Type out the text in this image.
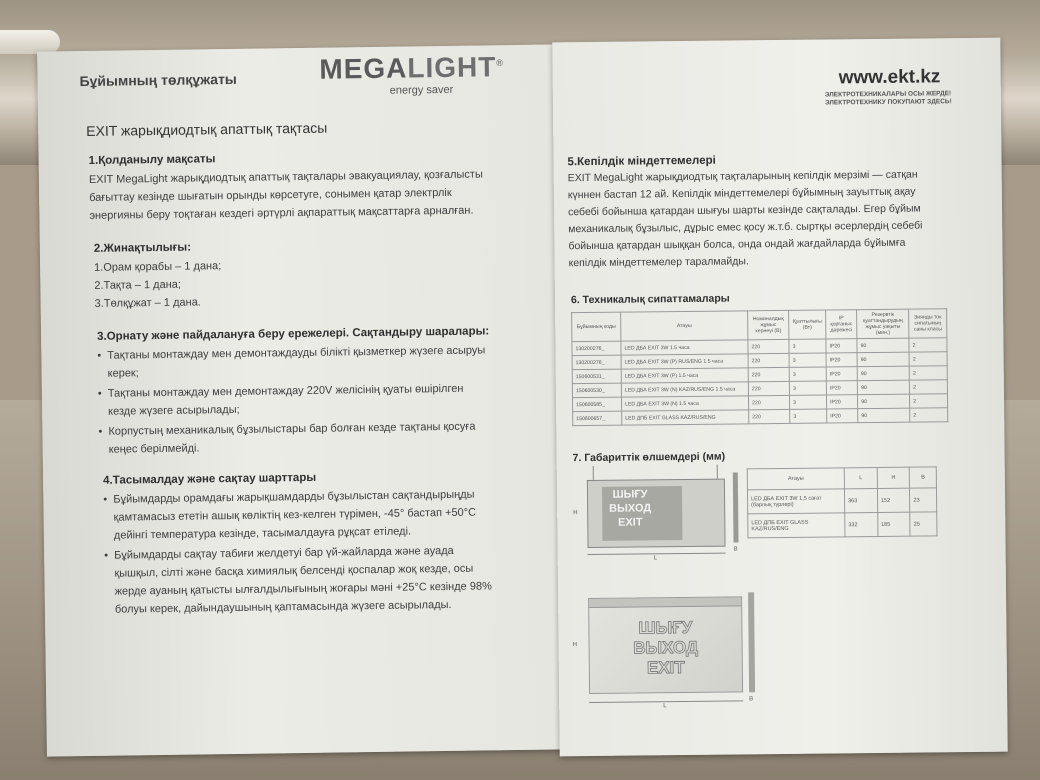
Бұйымның төлқұжаты	MEGALIGHT®
energy saver
EXIT жарықдиодтық апаттық тақтасы
1.Қолданылу мақсаты
EXIT MegaLight жарықдиодтық апаттық тақталары эвакуациялау, қозғалысты
бағыттау кезінде шығатын орынды көрсетуге, сонымен қатар электрлік
энергияны беру тоқтаған кездегі әртүрлі ақпараттық мақсаттарға арналған.
2.Жинақтылығы:
1.Орам қорабы – 1 дана;
2.Тақта – 1 дана;
3.Төлқұжат – 1 дана.
3.Орнату және пайдалануға беру ережелері. Сақтандыру шаралары:
• Тақтаны монтаждау мен демонтаждауды білікті қызметкер жүзеге асыруы
керек;
• Тақтаны монтаждау мен демонтаждау 220V желісінің қуаты өшірілген
кезде жүзеге асырылады;
• Корпустың механикалық бұзылыстары бар болған кезде тақтаны қосуға
кеңес берілмейді.
4.Тасымалдау және сақтау шарттары
• Бұйымдарды орамдағы жарықшамдарды бұзылыстан сақтандырыңды
қамтамасыз ететін ашық көліктің кез-келген түрімен, -45° бастап +50°C
дейінгі температура кезінде, тасымалдауға рұқсат етіледі.
• Бұйымдарды сақтау табиғи желдетуі бар үй-жайларда және ауада
қышқыл, сілті және басқа химиялық белсенді қоспалар жоқ кезде, осы
жерде ауаның қатысты ылғалдылығының жоғары мәні +25°C кезінде 98%
болуы керек, дайындаушының қаптамасында жүзеге асырылады.
www.ekt.kz
ЭЛЕКТРОТЕХНИКАЛАРЫ ОСЫ ЖЕРДЕ!
ЭЛЕКТРОТЕХНИКУ ПОКУПАЮТ ЗДЕСЬ!
5.Кепілдік міндеттемелері
EXIT MegaLight жарықдиодтық тақталарының кепілдік мерзімі — сатқан
күннен бастап 12 ай. Кепілдік міндеттемелері бұйымның зауыттық ақау
себебі бойынша қатардан шығуы шарты кезінде сақталады. Егер бұйым
механикалық бұзылыс, дұрыс емес қосу ж.т.б. сыртқы әсерлердің себебі
бойынша қатардан шыққан болса, онда ондай жағдайларда бұйымға
кепілдік міндеттемелер таралмайды.
6. Техникалық сипаттамалары
Бұйымның коды	Атауы	Номиналдық жұмыс кернеуі (В)	Қуаттылығы (Вт)	IP қорғаныс дәрежесі	Резервтік қуаттандырудың жұмыс уақыты (мин.)	Зиянды ток сипатының саны класы
130200276_	LED ДБА EXIT 3W 1.5 часа	220	3	IP20	90	2
130200276_	LED ДБА EXIT 3W (P) RUS/ENG 1.5 часа	220	3	IP20	90	2
150600531_	LED ДБА EXIT 3W (P) 1.5 часа	220	3	IP20	90	2
150600530_	LED ДБА EXIT 3W (N) KAZ/RUS/ENG 1.5 часа	220	3	IP20	90	2
150600585_	LED ДБА EXIT 3W (N) 1.5 часа	220	3	IP20	90	2
150600657_	LED ДПБ EXIT GLASS KAZ/RUS/ENG	220	3	IP20	90	2
7. Габариттік өлшемдері (мм)
ШЫҒУ
ВЫХОД
EXIT
H
L
B
Атауы	L	H	B
LED ДБА EXIT 3W 1,5 сағат (барлық түрлері)	363	152	23
LED ДПБ EXIT GLASS KAZ/RUS/ENG	332	185	25
ШЫҒУ
ВЫХОД
EXIT
H
L
B
